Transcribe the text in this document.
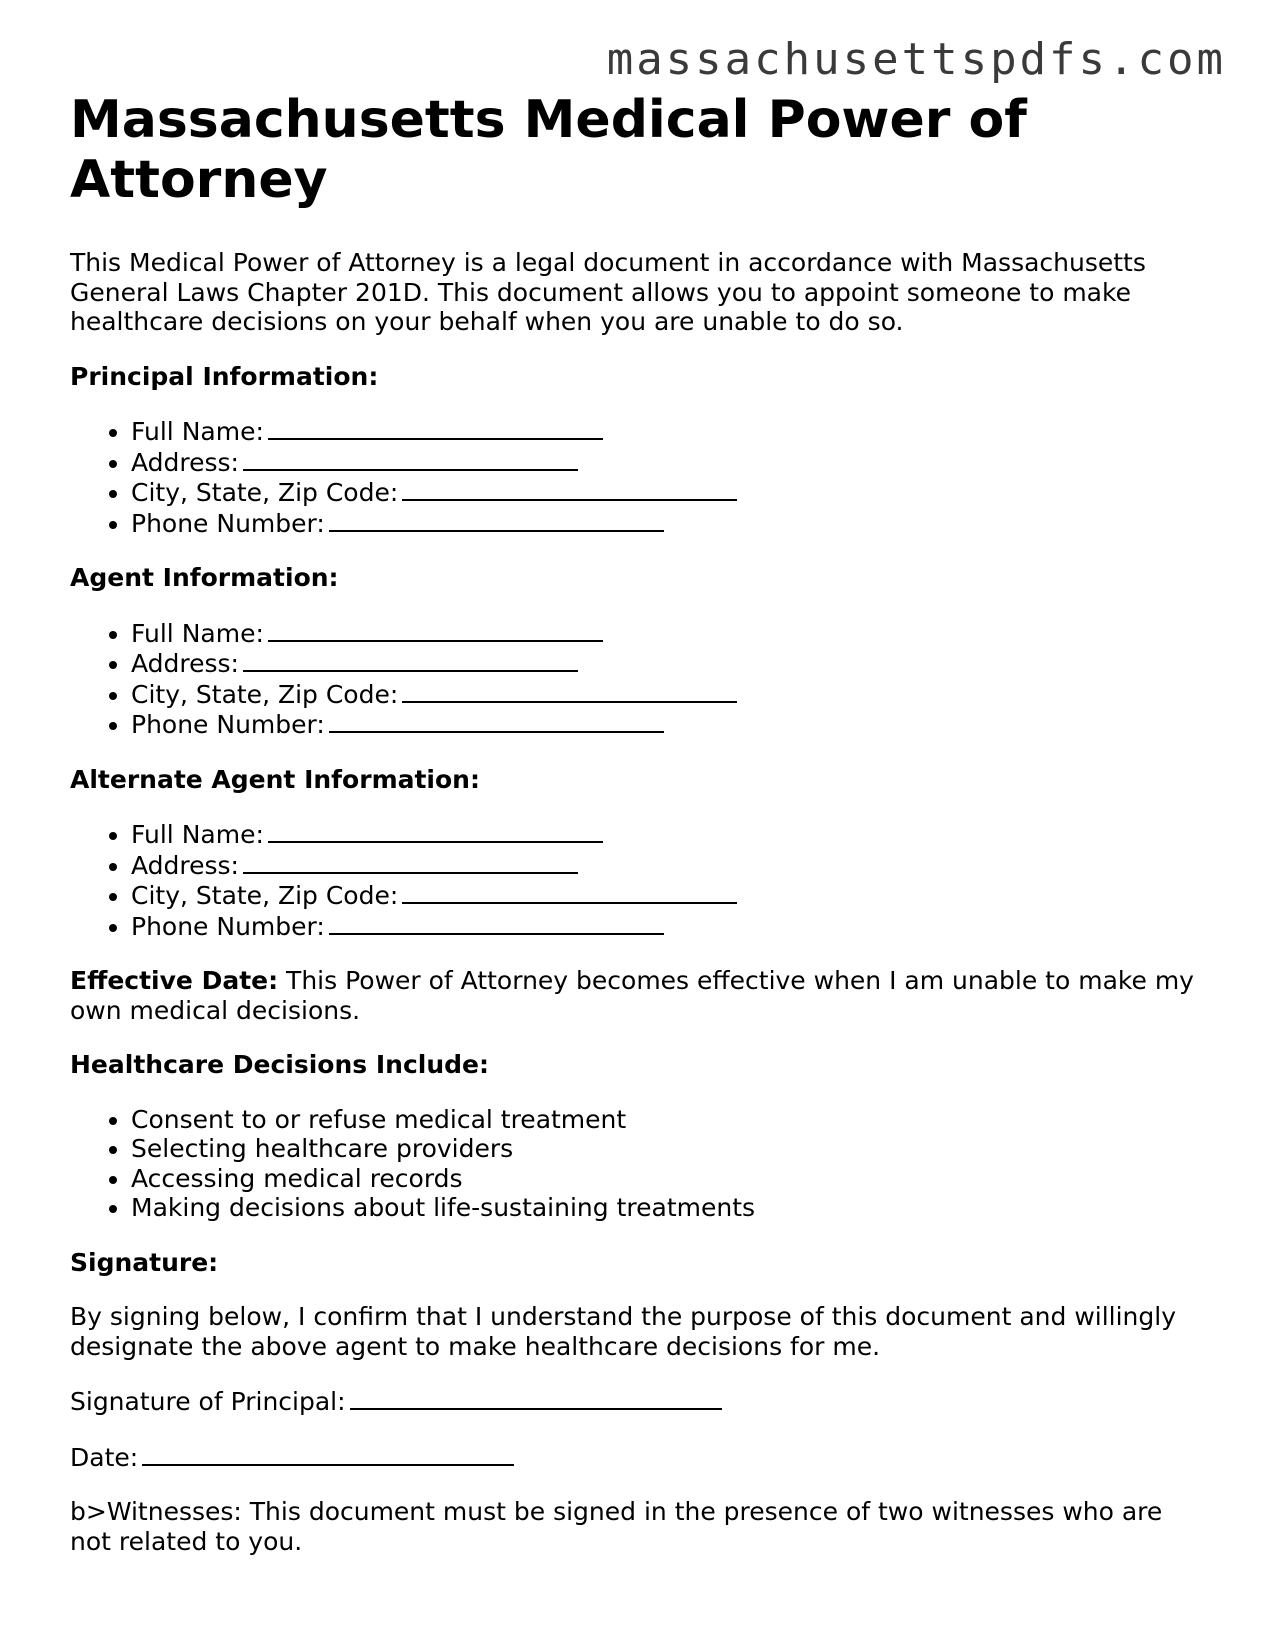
massachusettspdfs.com
Massachusetts Medical Power of Attorney

This Medical Power of Attorney is a legal document in accordance with Massachusetts General Laws Chapter 201D. This document allows you to appoint someone to make healthcare decisions on your behalf when you are unable to do so.

Principal Information:

• Full Name:
• Address:
• City, State, Zip Code:
• Phone Number:

Agent Information:

• Full Name:
• Address:
• City, State, Zip Code:
• Phone Number:

Alternate Agent Information:

• Full Name:
• Address:
• City, State, Zip Code:
• Phone Number:

Effective Date: This Power of Attorney becomes effective when I am unable to make my own medical decisions.

Healthcare Decisions Include:

• Consent to or refuse medical treatment
• Selecting healthcare providers
• Accessing medical records
• Making decisions about life-sustaining treatments

Signature:

By signing below, I confirm that I understand the purpose of this document and willingly designate the above agent to make healthcare decisions for me.

Signature of Principal:

Date:

b>Witnesses: This document must be signed in the presence of two witnesses who are not related to you.
